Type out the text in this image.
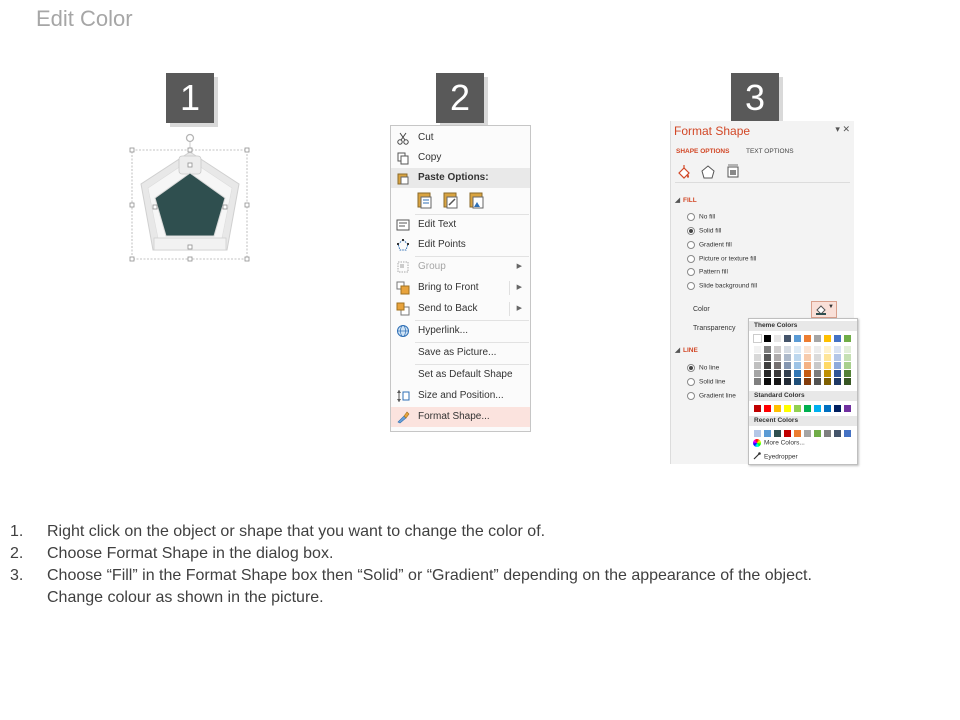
Edit Color
1	2	3
Cut
Copy
Paste Options:
Edit Text
Edit Points
Group	▶
Bring to Front	▶
Send to Back	▶
Hyperlink...
Save as Picture...
Set as Default Shape
Size and Position...
Format Shape...
Format Shape	▾ ✕
SHAPE OPTIONS	TEXT OPTIONS
◢ FILL
No fill
Solid fill
Gradient fill
Picture or texture fill
Pattern fill
Slide background fill
Color	▼
Transparency
◢ LINE
No line
Solid line
Gradient line
Theme Colors
Standard Colors
Recent Colors
More Colors...
Eyedropper
1. Right click on the object or shape that you want to change the color of.
2. Choose Format Shape in the dialog box.
3. Choose “Fill” in the Format Shape box then “Solid” or “Gradient” depending on the appearance of the object.
Change colour as shown in the picture.
